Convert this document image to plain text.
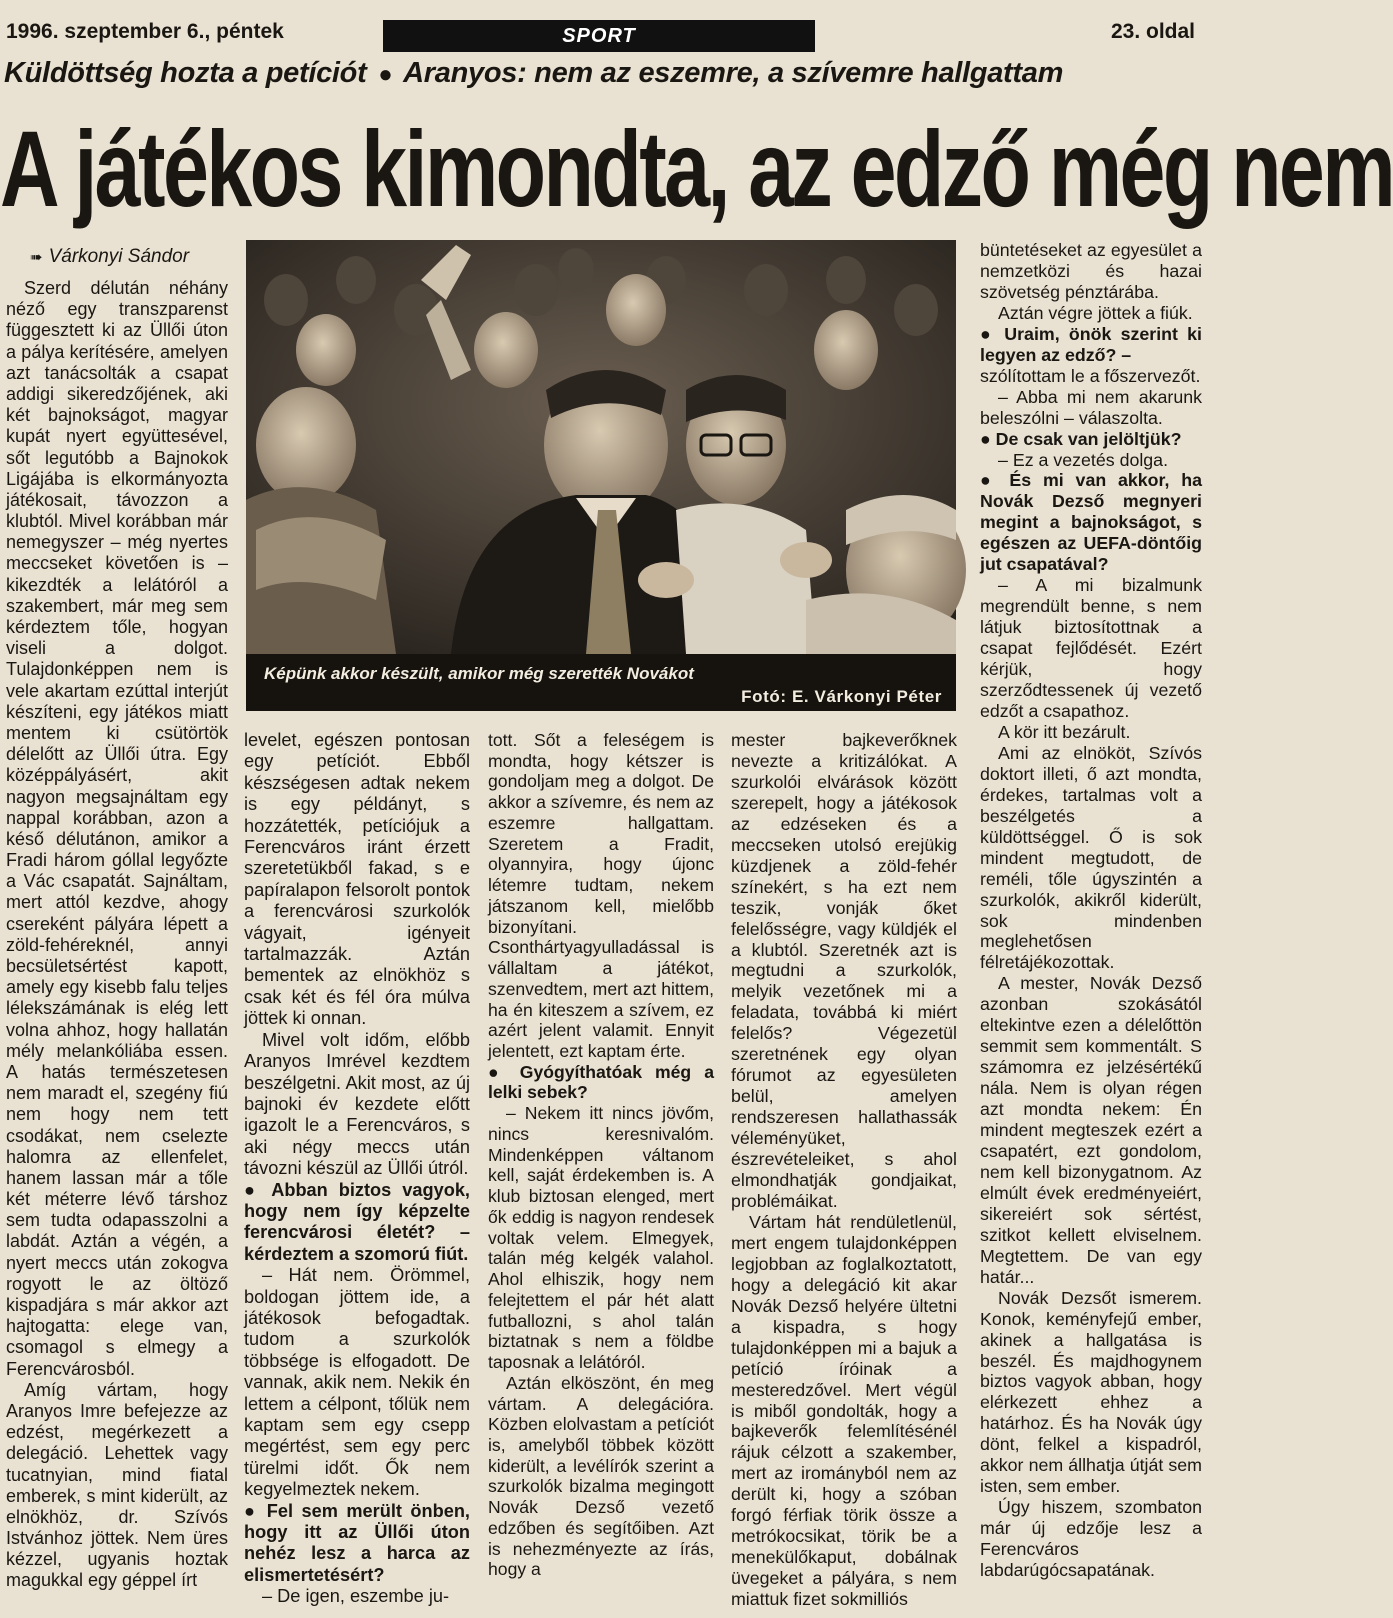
1996. szeptember 6., péntek	SPORT	23. oldal
Küldöttség hozta a petíciót ● Aranyos: nem az eszemre, a szívemre hallgattam
A játékos kimondta, az edző még nem
➠ Várkonyi Sándor
Képünk akkor készült, amikor még szerették Novákot
Fotó: E. Várkonyi Péter

Szerd délután néhány néző egy transzparenst függesztett ki az Üllői úton a pálya kerítésére, amelyen azt tanácsolták a csapat addigi sikeredzőjének, aki két bajnokságot, magyar kupát nyert együttesével, sőt legutóbb a Bajnokok Ligájába is elkormányozta játékosait, távozzon a klubtól. Mivel korábban már nemegyszer – még nyertes meccseket követően is – kikezdték a lelátóról a szakembert, már meg sem kérdeztem tőle, hogyan viseli a dolgot. Tulajdonképpen nem is vele akartam ezúttal interjút készíteni, egy játékos miatt mentem ki csütörtök délelőtt az Üllői útra. Egy középpályásért, akit nagyon megsajnáltam egy nappal korábban, azon a késő délutánon, amikor a Fradi három góllal legyőzte a Vác csapatát. Sajnáltam, mert attól kezdve, ahogy csereként pályára lépett a zöld-fehéreknél, annyi becsületsértést kapott, amely egy kisebb falu teljes lélekszámának is elég lett volna ahhoz, hogy hallatán mély melankóliába essen. A hatás természetesen nem maradt el, szegény fiú nem hogy nem tett csodákat, nem cselezte halomra az ellenfelet, hanem lassan már a tőle két méterre lévő társhoz sem tudta odapasszolni a labdát. Aztán a végén, a nyert meccs után zokogva rogyott le az öltöző kispadjára s már akkor azt hajtogatta: elege van, csomagol s elmegy a Ferencvárosból.

Amíg vártam, hogy Aranyos Imre befejezze az edzést, megérkezett a delegáció. Lehettek vagy tucatnyian, mind fiatal emberek, s mint kiderült, az elnökhöz, dr. Szívós Istvánhoz jöttek. Nem üres kézzel, ugyanis hoztak magukkal egy géppel írt

levelet, egészen pontosan egy petíciót. Ebből készségesen adtak nekem is egy példányt, s hozzátették, petíciójuk a Ferencváros iránt érzett szeretetükből fakad, s e papíralapon felsorolt pontok a ferencvárosi szurkolók vágyait, igényeit tartalmazzák. Aztán bementek az elnökhöz s csak két és fél óra múlva jöttek ki onnan.

Mivel volt időm, előbb Aranyos Imrével kezdtem beszélgetni. Akit most, az új bajnoki év kezdete előtt igazolt le a Ferencváros, s aki négy meccs után távozni készül az Üllői útról.

● Abban biztos vagyok, hogy nem így képzelte ferencvárosi életét? – kérdeztem a szomorú fiút.

– Hát nem. Örömmel, boldogan jöttem ide, a játékosok befogadtak. tudom a szurkolók többsége is elfogadott. De vannak, akik nem. Nekik én lettem a célpont, tőlük nem kaptam sem egy csepp megértést, sem egy perc türelmi időt. Ők nem kegyelmeztek nekem.

● Fel sem merült önben, hogy itt az Üllői úton nehéz lesz a harca az elismertetésért?

– De igen, eszembe ju-

tott. Sőt a feleségem is mondta, hogy kétszer is gondoljam meg a dolgot. De akkor a szívemre, és nem az eszemre hallgattam. Szeretem a Fradit, olyannyira, hogy újonc létemre tudtam, nekem játszanom kell, mielőbb bizonyítani. Csonthártyagyulladással is vállaltam a játékot, szenvedtem, mert azt hittem, ha én kiteszem a szívem, ez azért jelent valamit. Ennyit jelentett, ezt kaptam érte.

● Gyógyíthatóak még a lelki sebek?

– Nekem itt nincs jövőm, nincs keresnivalóm. Mindenképpen váltanom kell, saját érdekemben is. A klub biztosan elenged, mert ők eddig is nagyon rendesek voltak velem. Elmegyek, talán még kelgék valahol. Ahol elhiszik, hogy nem felejtettem el pár hét alatt futballozni, s ahol talán biztatnak s nem a földbe taposnak a lelátóról.

Aztán elköszönt, én meg vártam. A delegációra. Közben elolvastam a petíciót is, amelyből többek között kiderült, a levélírók szerint a szurkolók bizalma megingott Novák Dezső vezető edzőben és segítőiben. Azt is nehezményezte az írás, hogy a

mester bajkeverőknek nevezte a kritizálókat. A szurkolói elvárások között szerepelt, hogy a játékosok az edzéseken és a meccseken utolsó erejükig küzdjenek a zöld-fehér színekért, s ha ezt nem teszik, vonják őket felelősségre, vagy küldjék el a klubtól. Szeretnék azt is megtudni a szurkolók, melyik vezetőnek mi a feladata, továbbá ki miért felelős? Végezetül szeretnének egy olyan fórumot az egyesületen belül, amelyen rendszeresen hallathassák véleményüket, észrevételeiket, s ahol elmondhatják gondjaikat, problémáikat.

Vártam hát rendületlenül, mert engem tulajdonképpen legjobban az foglalkoztatott, hogy a delegáció kit akar Novák Dezső helyére ültetni a kispadra, s hogy tulajdonképpen mi a bajuk a petíció íróinak a mesteredzővel. Mert végül is miből gondolták, hogy a bajkeverők felemlítésénél rájuk célzott a szakember, mert az irományból nem az derült ki, hogy a szóban forgó férfiak törik össze a metrókocsikat, törik be a menekülőkaput, dobálnak üvegeket a pályára, s nem miattuk fizet sokmilliós

büntetéseket az egyesület a nemzetközi és hazai szövetség pénztárába.

Aztán végre jöttek a fiúk.

● Uraim, önök szerint ki legyen az edző? –

szólítottam le a főszervezőt.

– Abba mi nem akarunk beleszólni – válaszolta.

● De csak van jelöltjük?

– Ez a vezetés dolga.

● És mi van akkor, ha Novák Dezső megnyeri megint a bajnokságot, s egészen az UEFA-döntőig jut csapatával?

– A mi bizalmunk megrendült benne, s nem látjuk biztosítottnak a csapat fejlődését. Ezért kérjük, hogy szerződtessenek új vezető edzőt a csapathoz.

A kör itt bezárult.

Ami az elnököt, Szívós doktort illeti, ő azt mondta, érdekes, tartalmas volt a beszélgetés a küldöttséggel. Ő is sok mindent megtudott, de reméli, tőle úgyszintén a szurkolók, akikről kiderült, sok mindenben meglehetősen félretájékozottak.

A mester, Novák Dezső azonban szokásától eltekintve ezen a délelőttön semmit sem kommentált. S számomra ez jelzésértékű nála. Nem is olyan régen azt mondta nekem: Én mindent megteszek ezért a csapatért, ezt gondolom, nem kell bizonygatnom. Az elmúlt évek eredményeiért, sikereiért sok sértést, szitkot kellett elviselnem. Megtettem. De van egy határ...

Novák Dezsőt ismerem. Konok, keményfejű ember, akinek a hallgatása is beszél. És majdhogynem biztos vagyok abban, hogy elérkezett ehhez a határhoz. És ha Novák úgy dönt, felkel a kispadról, akkor nem állhatja útját sem isten, sem ember.

Úgy hiszem, szombaton már új edzője lesz a Ferencváros labdarúgócsapatának.
